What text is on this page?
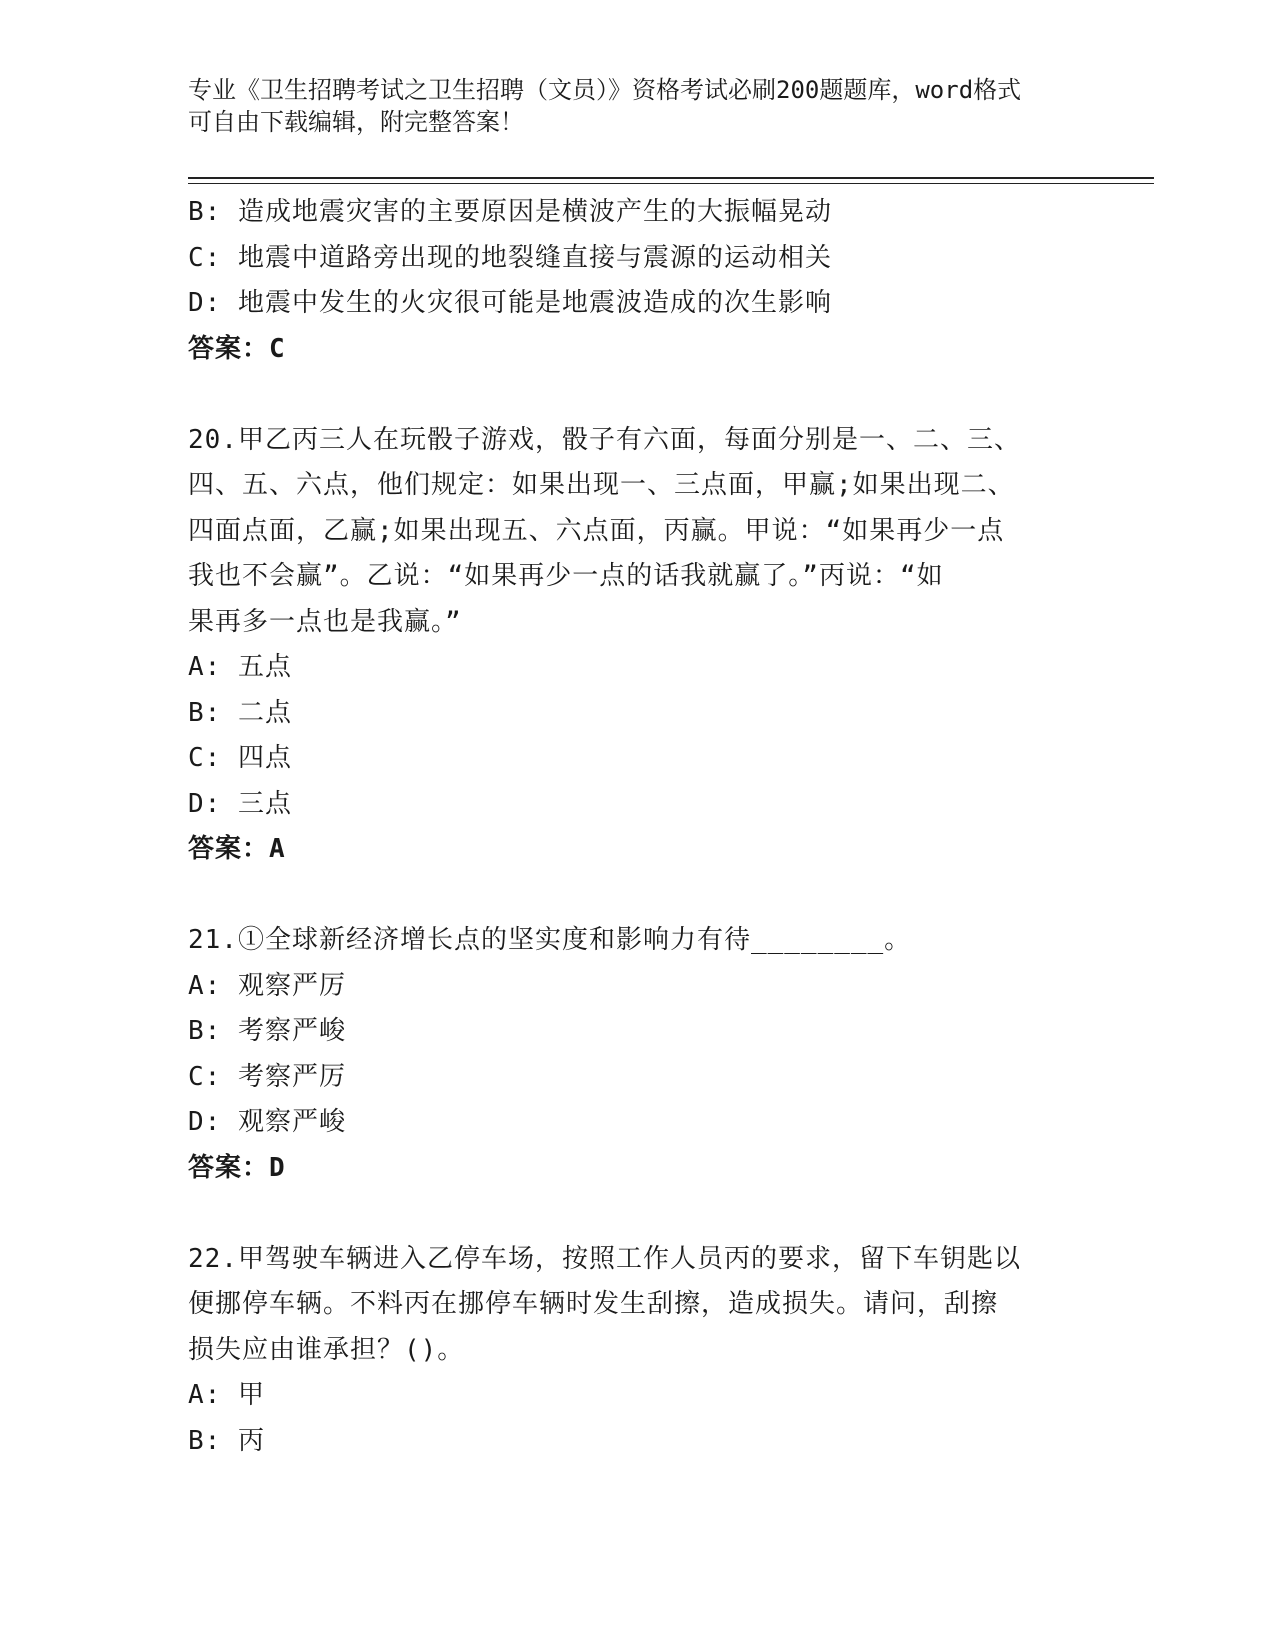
专业《卫生招聘考试之卫生招聘（文员）》资格考试必刷200题题库，word格式
可自由下载编辑，附完整答案！
B: 造成地震灾害的主要原因是横波产生的大振幅晃动
C: 地震中道路旁出现的地裂缝直接与震源的运动相关
D: 地震中发生的火灾很可能是地震波造成的次生影响
答案：C
20.甲乙丙三人在玩骰子游戏，骰子有六面，每面分别是一、二、三、
四、五、六点，他们规定：如果出现一、三点面，甲赢;如果出现二、
四面点面，乙赢;如果出现五、六点面，丙赢。甲说：“如果再少一点
我也不会赢”。乙说：“如果再少一点的话我就赢了。”丙说：“如
果再多一点也是我赢。”
A: 五点
B: 二点
C: 四点
D: 三点
答案：A
21.①全球新经济增长点的坚实度和影响力有待________。
A: 观察严厉
B: 考察严峻
C: 考察严厉
D: 观察严峻
答案：D
22.甲驾驶车辆进入乙停车场，按照工作人员丙的要求，留下车钥匙以
便挪停车辆。不料丙在挪停车辆时发生刮擦，造成损失。请问，刮擦
损失应由谁承担？()。
A: 甲
B: 丙
